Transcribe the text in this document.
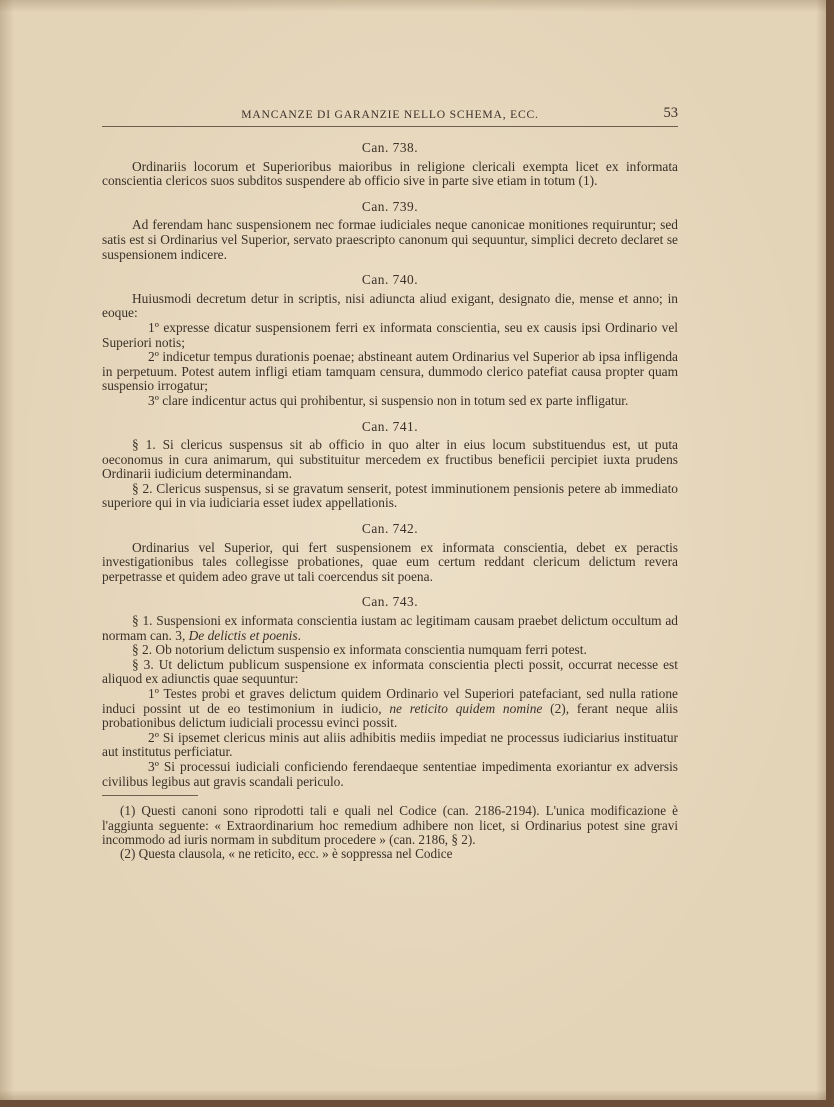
MANCANZE DI GARANZIE NELLO SCHEMA, ECC.	53
Can. 738.

Ordinariis locorum et Superioribus maioribus in religione clericali exempta licet ex informata conscientia clericos suos subditos suspendere ab officio sive in parte sive etiam in totum (1).

Can. 739.

Ad ferendam hanc suspensionem nec formae iudiciales neque canonicae monitiones requiruntur; sed satis est si Ordinarius vel Superior, servato praescripto canonum qui sequuntur, simplici decreto declaret se suspensionem indicere.

Can. 740.

Huiusmodi decretum detur in scriptis, nisi adiuncta aliud exigant, designato die, mense et anno; in eoque:

1º expresse dicatur suspensionem ferri ex informata conscientia, seu ex causis ipsi Ordinario vel Superiori notis;

2º indicetur tempus durationis poenae; abstineant autem Ordinarius vel Superior ab ipsa infligenda in perpetuum. Potest autem infligi etiam tamquam censura, dummodo clerico patefiat causa propter quam suspensio irrogatur;

3º clare indicentur actus qui prohibentur, si suspensio non in totum sed ex parte infligatur.

Can. 741.

§ 1. Si clericus suspensus sit ab officio in quo alter in eius locum substituendus est, ut puta oeconomus in cura animarum, qui substituitur mercedem ex fructibus beneficii percipiet iuxta prudens Ordinarii iudicium determinandam.

§ 2. Clericus suspensus, si se gravatum senserit, potest imminutionem pensionis petere ab immediato superiore qui in via iudiciaria esset iudex appellationis.

Can. 742.

Ordinarius vel Superior, qui fert suspensionem ex informata conscientia, debet ex peractis investigationibus tales collegisse probationes, quae eum certum reddant clericum delictum revera perpetrasse et quidem adeo grave ut tali coercendus sit poena.

Can. 743.

§ 1. Suspensioni ex informata conscientia iustam ac legitimam causam praebet delictum occultum ad normam can. 3, De delictis et poenis.

§ 2. Ob notorium delictum suspensio ex informata conscientia numquam ferri potest.

§ 3. Ut delictum publicum suspensione ex informata conscientia plecti possit, occurrat necesse est aliquod ex adiunctis quae sequuntur:

1º Testes probi et graves delictum quidem Ordinario vel Superiori patefaciant, sed nulla ratione induci possint ut de eo testimonium in iudicio, ne reticito quidem nomine (2), ferant neque aliis probationibus delictum iudiciali processu evinci possit.

2º Si ipsemet clericus minis aut aliis adhibitis mediis impediat ne processus iudiciarius instituatur aut institutus perficiatur.

3º Si processui iudiciali conficiendo ferendaeque sententiae impedimenta exoriantur ex adversis civilibus legibus aut gravis scandali periculo.

(1) Questi canoni sono riprodotti tali e quali nel Codice (can. 2186-2194). L'unica modificazione è l'aggiunta seguente: « Extraordinarium hoc remedium adhibere non licet, si Ordinarius potest sine gravi incommodo ad iuris normam in subditum procedere » (can. 2186, § 2).

(2) Questa clausola, « ne reticito, ecc. » è soppressa nel Codice
